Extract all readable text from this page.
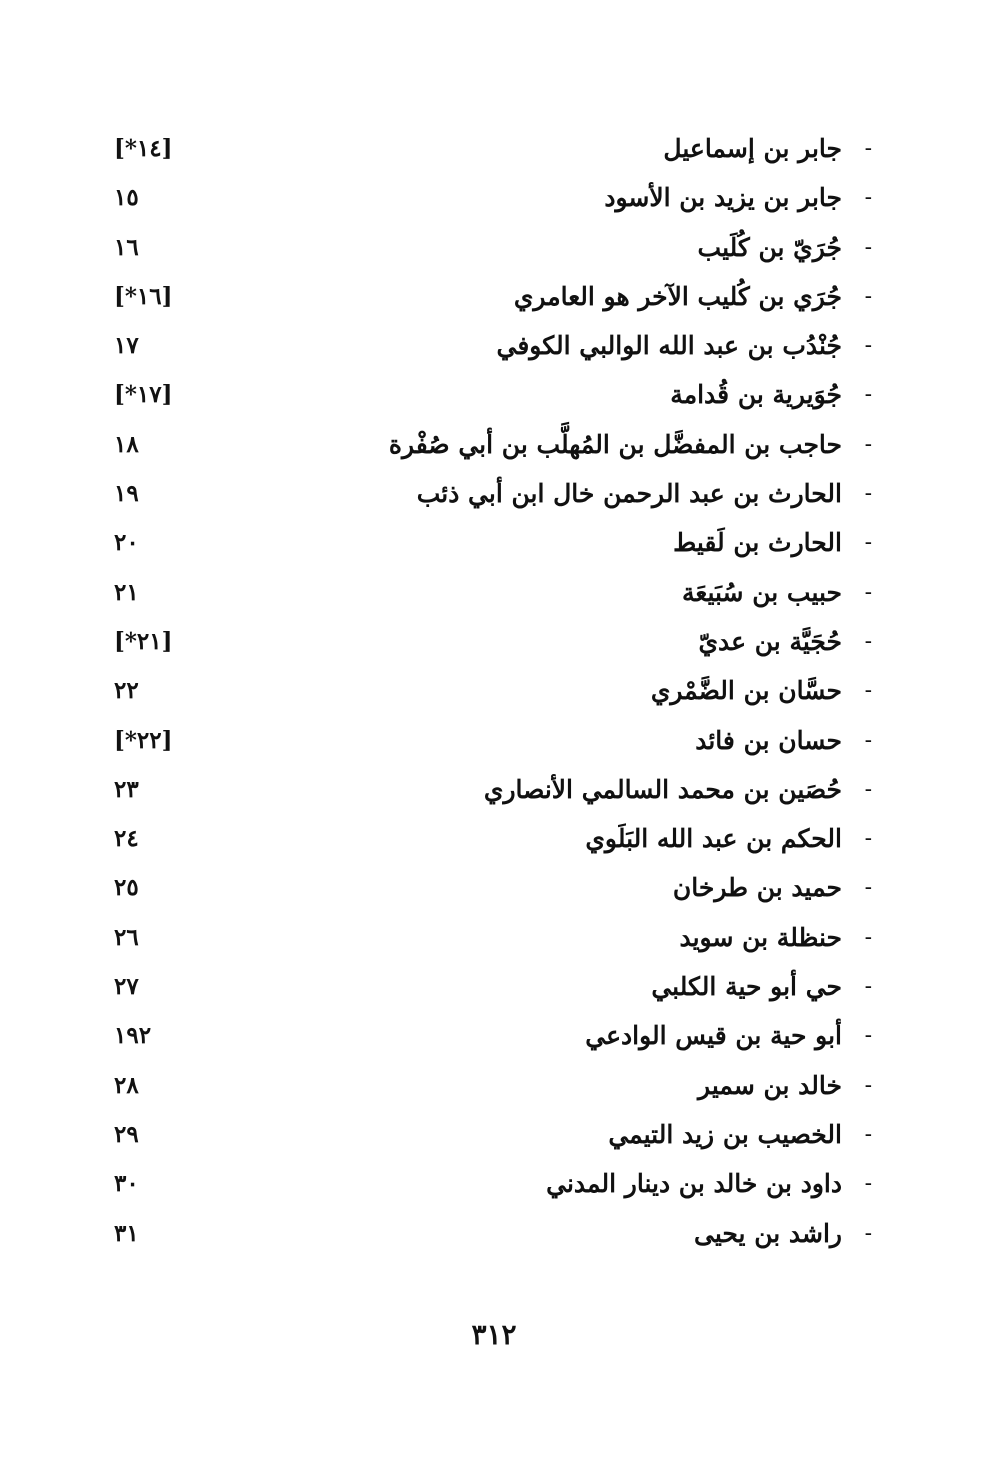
-
جابر بن إسماعيل
[١٤*]
-
جابر بن يزيد بن الأسود
١٥
-
جُرَيّ بن كُلَيب
١٦
-
جُرَي بن كُليب الآخر هو العامري
[١٦*]
-
جُنْدُب بن عبد الله الوالبي الكوفي
١٧
-
جُوَيرية بن قُدامة
[١٧*]
-
حاجب بن المفضَّل بن المُهلَّب بن أبي صُفْرة
١٨
-
الحارث بن عبد الرحمن خال ابن أبي ذئب
١٩
-
الحارث بن لَقيط
٢٠
-
حبيب بن سُبَيعَة
٢١
-
حُجَيَّة بن عديّ
[٢١*]
-
حسَّان بن الضَّمْري
٢٢
-
حسان بن فائد
[٢٢*]
-
حُصَين بن محمد السالمي الأنصاري
٢٣
-
الحكم بن عبد الله البَلَوي
٢٤
-
حميد بن طرخان
٢٥
-
حنظلة بن سويد
٢٦
-
حي أبو حية الكلبي
٢٧
-
أبو حية بن قيس الوادعي
١٩٢
-
خالد بن سمير
٢٨
-
الخصيب بن زيد التيمي
٢٩
-
داود بن خالد بن دينار المدني
٣٠
-
راشد بن يحيى
٣١
٣١٢
